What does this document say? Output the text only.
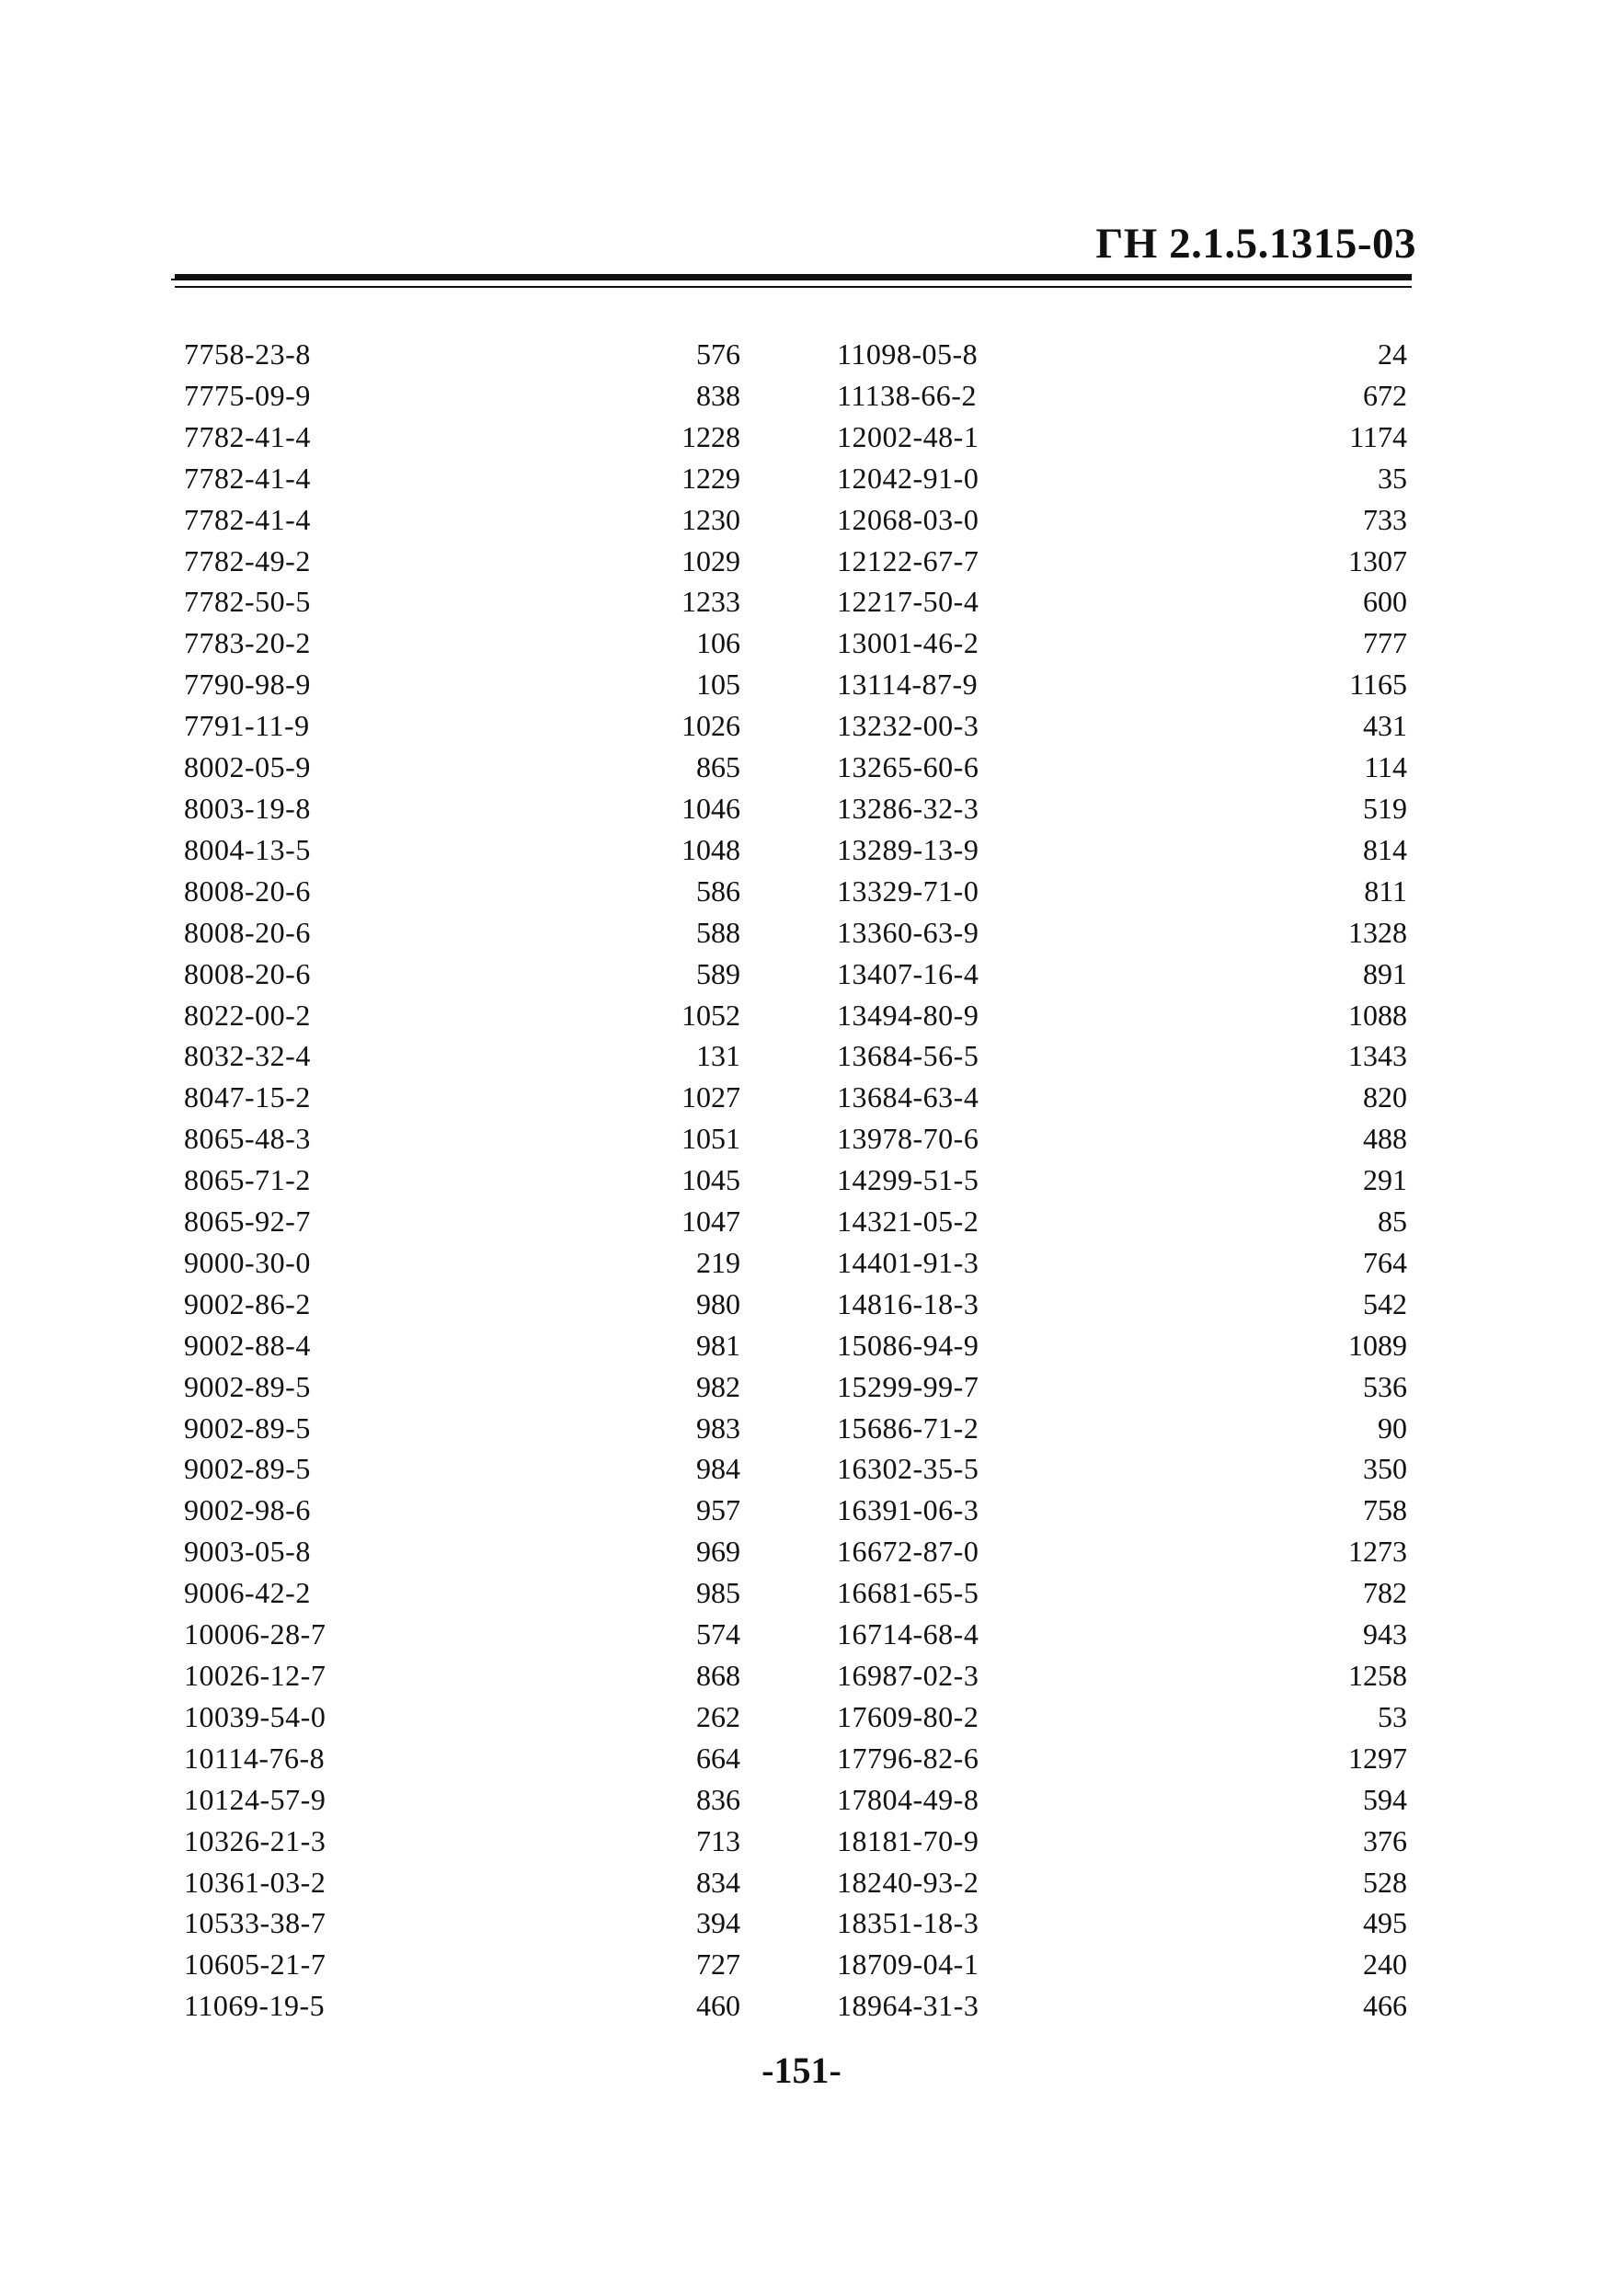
ГН 2.1.5.1315-03
	7758-23-8	576		11098-05-8	24	
	7775-09-9	838		11138-66-2	672	
	7782-41-4	1228		12002-48-1	1174	
	7782-41-4	1229		12042-91-0	35	
	7782-41-4	1230		12068-03-0	733	
	7782-49-2	1029		12122-67-7	1307	
	7782-50-5	1233		12217-50-4	600	
	7783-20-2	106		13001-46-2	777	
	7790-98-9	105		13114-87-9	1165	
	7791-11-9	1026		13232-00-3	431	
	8002-05-9	865		13265-60-6	114	
	8003-19-8	1046		13286-32-3	519	
	8004-13-5	1048		13289-13-9	814	
	8008-20-6	586		13329-71-0	811	
	8008-20-6	588		13360-63-9	1328	
	8008-20-6	589		13407-16-4	891	
	8022-00-2	1052		13494-80-9	1088	
	8032-32-4	131		13684-56-5	1343	
	8047-15-2	1027		13684-63-4	820	
	8065-48-3	1051		13978-70-6	488	
	8065-71-2	1045		14299-51-5	291	
	8065-92-7	1047		14321-05-2	85	
	9000-30-0	219		14401-91-3	764	
	9002-86-2	980		14816-18-3	542	
	9002-88-4	981		15086-94-9	1089	
	9002-89-5	982		15299-99-7	536	
	9002-89-5	983		15686-71-2	90	
	9002-89-5	984		16302-35-5	350	
	9002-98-6	957		16391-06-3	758	
	9003-05-8	969		16672-87-0	1273	
	9006-42-2	985		16681-65-5	782	
	10006-28-7	574		16714-68-4	943	
	10026-12-7	868		16987-02-3	1258	
	10039-54-0	262		17609-80-2	53	
	10114-76-8	664		17796-82-6	1297	
	10124-57-9	836		17804-49-8	594	
	10326-21-3	713		18181-70-9	376	
	10361-03-2	834		18240-93-2	528	
	10533-38-7	394		18351-18-3	495	
	10605-21-7	727		18709-04-1	240	
	11069-19-5	460		18964-31-3	466	
-151-
